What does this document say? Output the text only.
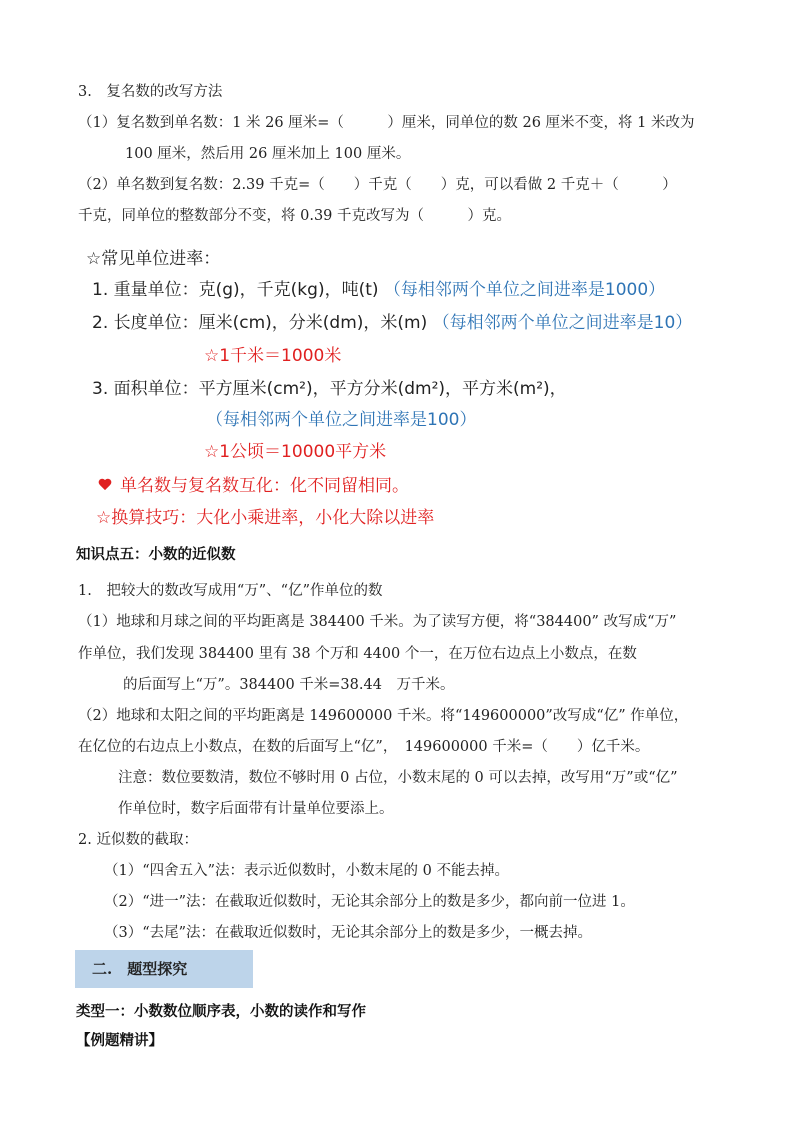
3.　复名数的改写方法
（1）复名数到单名数：1 米 26 厘米=（　　　）厘米，同单位的数 26 厘米不变，将 1 米改为
100 厘米，然后用 26 厘米加上 100 厘米。
（2）单名数到复名数：2.39 千克=（　　）千克（　　）克，可以看做 2 千克＋（　　　）
千克，同单位的整数部分不变，将 0.39 千克改写为（　　　）克。
☆常见单位进率：
1. 重量单位：克(g)，千克(kg)，吨(t) （每相邻两个单位之间进率是1000）
2. 长度单位：厘米(cm)，分米(dm)，米(m) （每相邻两个单位之间进率是10）
☆1千米＝1000米
3. 面积单位：平方厘米(cm²)，平方分米(dm²)，平方米(m²)，
（每相邻两个单位之间进率是100）
☆1公顷＝10000平方米
单名数与复名数互化：化不同留相同。
☆换算技巧：大化小乘进率，小化大除以进率
知识点五：小数的近似数
1.　把较大的数改写成用“万”、“亿”作单位的数
（1）地球和月球之间的平均距离是 384400 千米。为了读写方便，将“384400” 改写成“万”
作单位，我们发现 384400 里有 38 个万和 4400 个一，在万位右边点上小数点，在数
的后面写上“万”。384400 千米=38.44　万千米。
（2）地球和太阳之间的平均距离是 149600000 千米。将“149600000”改写成“亿” 作单位，
在亿位的右边点上小数点，在数的后面写上“亿”，　149600000 千米=（　　）亿千米。
注意：数位要数清，数位不够时用 0 占位，小数末尾的 0 可以去掉，改写用“万”或“亿”
作单位时，数字后面带有计量单位要添上。
2. 近似数的截取：
（1）“四舍五入”法：表示近似数时，小数末尾的 0 不能去掉。
（2）“进一”法：在截取近似数时，无论其余部分上的数是多少，都向前一位进 1。
（3）“去尾”法：在截取近似数时，无论其余部分上的数是多少，一概去掉。
二.　题型探究
类型一：小数数位顺序表，小数的读作和写作
【例题精讲】
